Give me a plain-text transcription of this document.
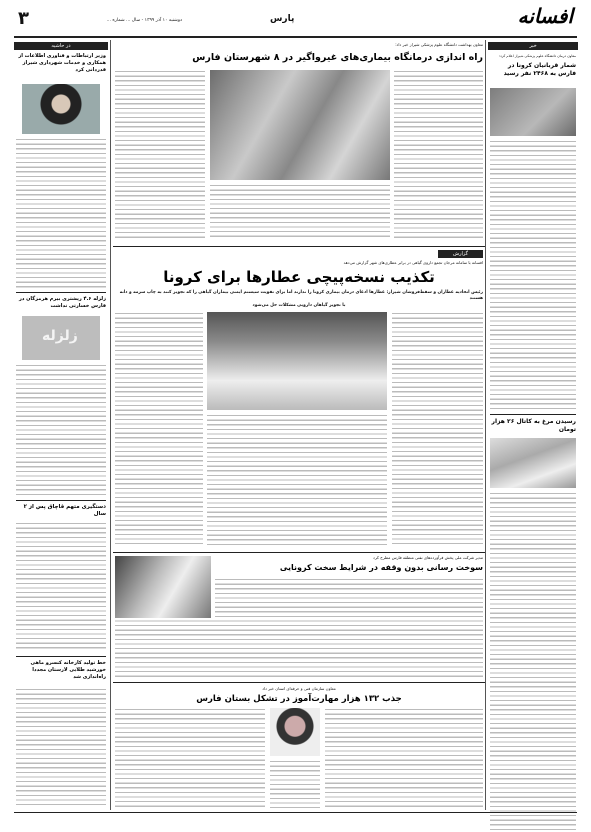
افسانه
پارس
۳	دوشنبه ۱۰ آذر ۱۳۹۹ - سال ... شماره ...
خبر
معاون درمان دانشگاه علوم پزشکی شیراز اعلام کرد:
شمار قربانیان کرونا در فارس به ۲۴۶۸ نفر رسید
رسیدن مرغ به کاتال ۲۶ هزار تومان
معاون بهداشت دانشگاه علوم پزشکی شیراز خبر داد:
راه اندازی درمانگاه بیماری‌های غیرواگیر در ۸ شهرستان فارس
گزارش
افسانه با سامانه‌ مرجان تجمع داروی گیاهی در برابر عطاری‌های شهر گزارش می‌دهد
تکذیب نسخه‌پیچی عطارها برای کرونا
رئیس اتحادیه عطاران و سقط‌فروشان شیراز: عطارها ادعای درمان بیماری کرونا را ندارند اما برای تقویت سیستم ایمنی بیماران گیاهی را که تجویز کنند به چاپ سرمه و دانه هستند
با تجویز گیاهان دارویی مشکلات حل می‌شود
مدیر شرکت ملی پخش فرآورده‌های نفتی منطقه فارس مطرح کرد
سوخت رسانی بدون وقفه در شرایط سخت کرونایی
معاون سازمان فنی و حرفه‌ای استان خبر داد
جذب ۱۳۲ هزار مهارت‌آموز در تشکل بستان فارس
در حاشیه
وزیر ارتباطات و فناوری اطلاعات از همکاری و خدمات شهرداری شیراز قدردانی کرد
زلزله ۴.۶ ریشتری بیرم هرمزگان در فارس خسارتی نداشت
زلزله
دستگیری متهم قاچاق پس از ۲ سال
خط تولید کارخانه کنسرو ماهی خورشید طلایی لارستان مجددا راه‌اندازی شد
